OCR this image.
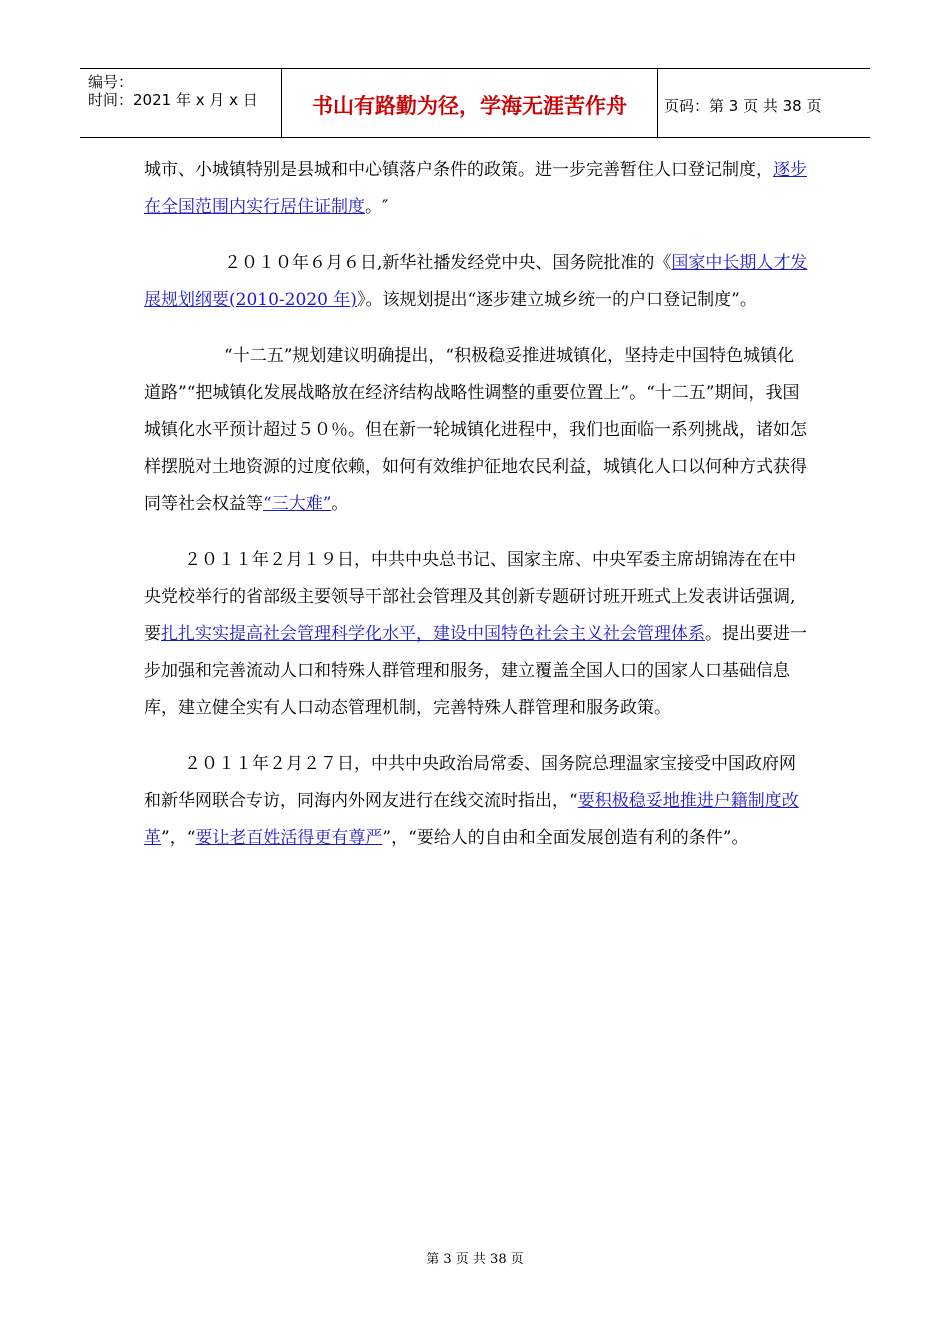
编号：
时间：2021 年 x 月 x 日	书山有路勤为径，学海无涯苦作舟	页码：第 3 页 共 38 页

城市、小城镇特别是县城和中心镇落户条件的政策。进一步完善暂住人口登记制度，逐步在全国范围内实行居住证制度。″

２０１０年６月６日,新华社播发经党中央、国务院批准的《国家中长期人才发展规划纲要(2010-2020 年)》。该规划提出“逐步建立城乡统一的户口登记制度”。

“十二五”规划建议明确提出，“积极稳妥推进城镇化，坚持走中国特色城镇化道路”“把城镇化发展战略放在经济结构战略性调整的重要位置上”。“十二五”期间，我国城镇化水平预计超过５０％。但在新一轮城镇化进程中，我们也面临一系列挑战，诸如怎样摆脱对土地资源的过度依赖，如何有效维护征地农民利益，城镇化人口以何种方式获得同等社会权益等“三大难”。

２０１１年２月１９日，中共中央总书记、国家主席、中央军委主席胡锦涛在在中央党校举行的省部级主要领导干部社会管理及其创新专题研讨班开班式上发表讲话强调,要扎扎实实提高社会管理科学化水平，建设中国特色社会主义社会管理体系。提出要进一步加强和完善流动人口和特殊人群管理和服务，建立覆盖全国人口的国家人口基础信息库，建立健全实有人口动态管理机制，完善特殊人群管理和服务政策。

２０１１年２月２７日，中共中央政治局常委、国务院总理温家宝接受中国政府网和新华网联合专访，同海内外网友进行在线交流时指出，“要积极稳妥地推进户籍制度改革”，“要让老百姓活得更有尊严”，“要给人的自由和全面发展创造有利的条件”。

第 3 页 共 38 页
